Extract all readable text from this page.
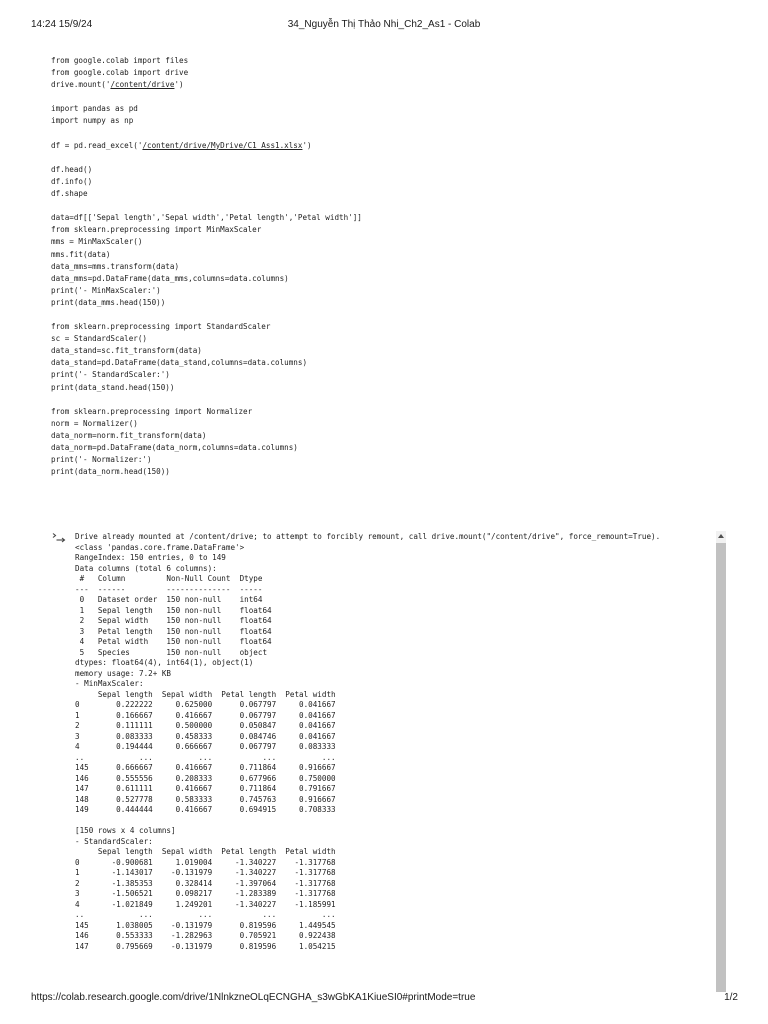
14:24 15/9/24	34_Nguyễn Thị Thảo Nhi_Ch2_As1 - Colab
from google.colab import files
from google.colab import drive
drive.mount('/content/drive')
import pandas as pd
import numpy as np
df = pd.read_excel('/content/drive/MyDrive/C1_Ass1.xlsx')
df.head()
df.info()
df.shape
data=df[['Sepal length','Sepal width','Petal length','Petal width']]
from sklearn.preprocessing import MinMaxScaler
mms = MinMaxScaler()
mms.fit(data)
data_mms=mms.transform(data)
data_mms=pd.DataFrame(data_mms,columns=data.columns)
print('- MinMaxScaler:')
print(data_mms.head(150))
from sklearn.preprocessing import StandardScaler
sc = StandardScaler()
data_stand=sc.fit_transform(data)
data_stand=pd.DataFrame(data_stand,columns=data.columns)
print('- StandardScaler:')
print(data_stand.head(150))
from sklearn.preprocessing import Normalizer
norm = Normalizer()
data_norm=norm.fit_transform(data)
data_norm=pd.DataFrame(data_norm,columns=data.columns)
print('- Normalizer:')
print(data_norm.head(150))
Drive already mounted at /content/drive; to attempt to forcibly remount, call drive.mount("/content/drive", force_remount=True).
<class 'pandas.core.frame.DataFrame'>
RangeIndex: 150 entries, 0 to 149
Data columns (total 6 columns):
#   Column         Non-Null Count  Dtype
---  ------         --------------  -----
0   Dataset order  150 non-null    int64
1   Sepal length   150 non-null    float64
2   Sepal width    150 non-null    float64
3   Petal length   150 non-null    float64
4   Petal width    150 non-null    float64
5   Species        150 non-null    object
dtypes: float64(4), int64(1), object(1)
memory usage: 7.2+ KB
- MinMaxScaler:
Sepal length  Sepal width  Petal length  Petal width
0        0.222222     0.625000      0.067797     0.041667
1        0.166667     0.416667      0.067797     0.041667
2        0.111111     0.500000      0.050847     0.041667
3        0.083333     0.458333      0.084746     0.041667
4        0.194444     0.666667      0.067797     0.083333
..            ...          ...           ...          ...
145      0.666667     0.416667      0.711864     0.916667
146      0.555556     0.208333      0.677966     0.750000
147      0.611111     0.416667      0.711864     0.791667
148      0.527778     0.583333      0.745763     0.916667
149      0.444444     0.416667      0.694915     0.708333
[150 rows x 4 columns]
- StandardScaler:
Sepal length  Sepal width  Petal length  Petal width
0       -0.900681     1.019004     -1.340227    -1.317768
1       -1.143017    -0.131979     -1.340227    -1.317768
2       -1.385353     0.328414     -1.397064    -1.317768
3       -1.506521     0.098217     -1.283389    -1.317768
4       -1.021849     1.249201     -1.340227    -1.185991
..            ...          ...           ...          ...
145      1.038005    -0.131979      0.819596     1.449545
146      0.553333    -1.282963      0.705921     0.922438
147      0.795669    -0.131979      0.819596     1.054215
https://colab.research.google.com/drive/1NlnkzneOLqECNGHA_s3wGbKA1KiueSI0#printMode=true	1/2
